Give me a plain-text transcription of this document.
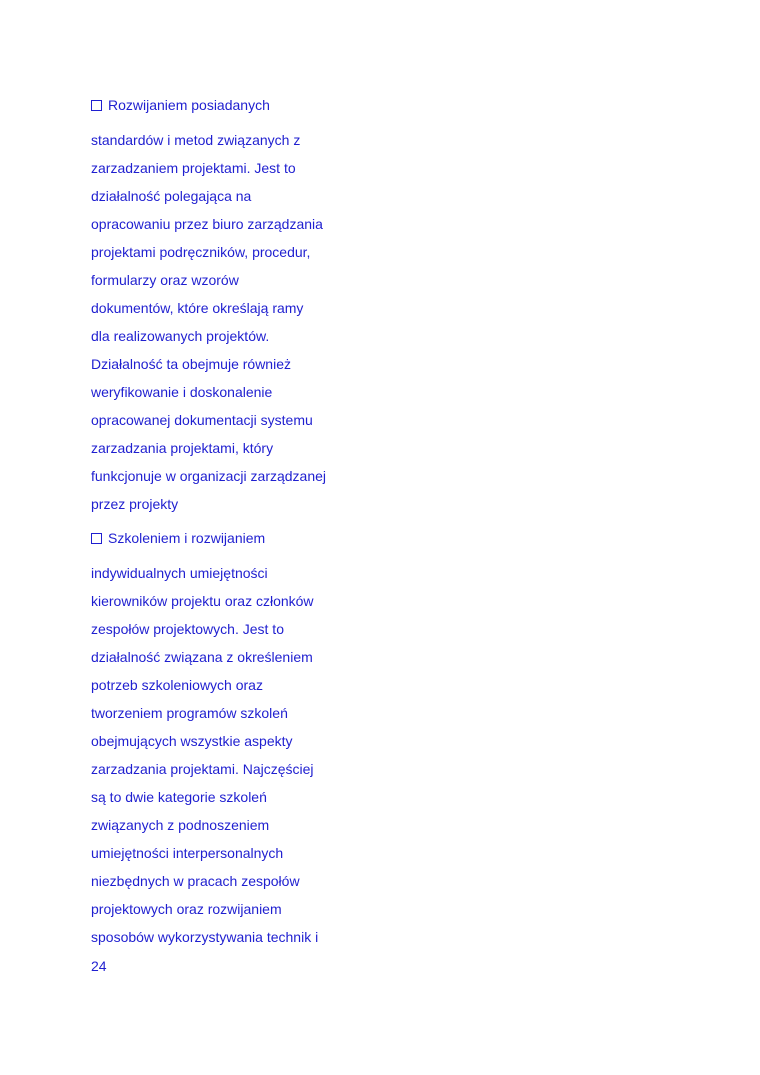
Rozwijaniem posiadanych
standardów i metod związanych z
zarzadzaniem projektami. Jest to
działalność polegająca na
opracowaniu przez biuro zarządzania
projektami podręczników, procedur,
formularzy oraz wzorów
dokumentów, które określają ramy
dla realizowanych projektów.
Działalność ta obejmuje również
weryfikowanie i doskonalenie
opracowanej dokumentacji systemu
zarzadzania projektami, który
funkcjonuje w organizacji zarządzanej
przez projekty
Szkoleniem i rozwijaniem
indywidualnych umiejętności
kierowników projektu oraz członków
zespołów projektowych. Jest to
działalność związana z określeniem
potrzeb szkoleniowych oraz
tworzeniem programów szkoleń
obejmujących wszystkie aspekty
zarzadzania projektami. Najczęściej
są to dwie kategorie szkoleń
związanych z podnoszeniem
umiejętności interpersonalnych
niezbędnych w pracach zespołów
projektowych oraz rozwijaniem
sposobów wykorzystywania technik i
24
